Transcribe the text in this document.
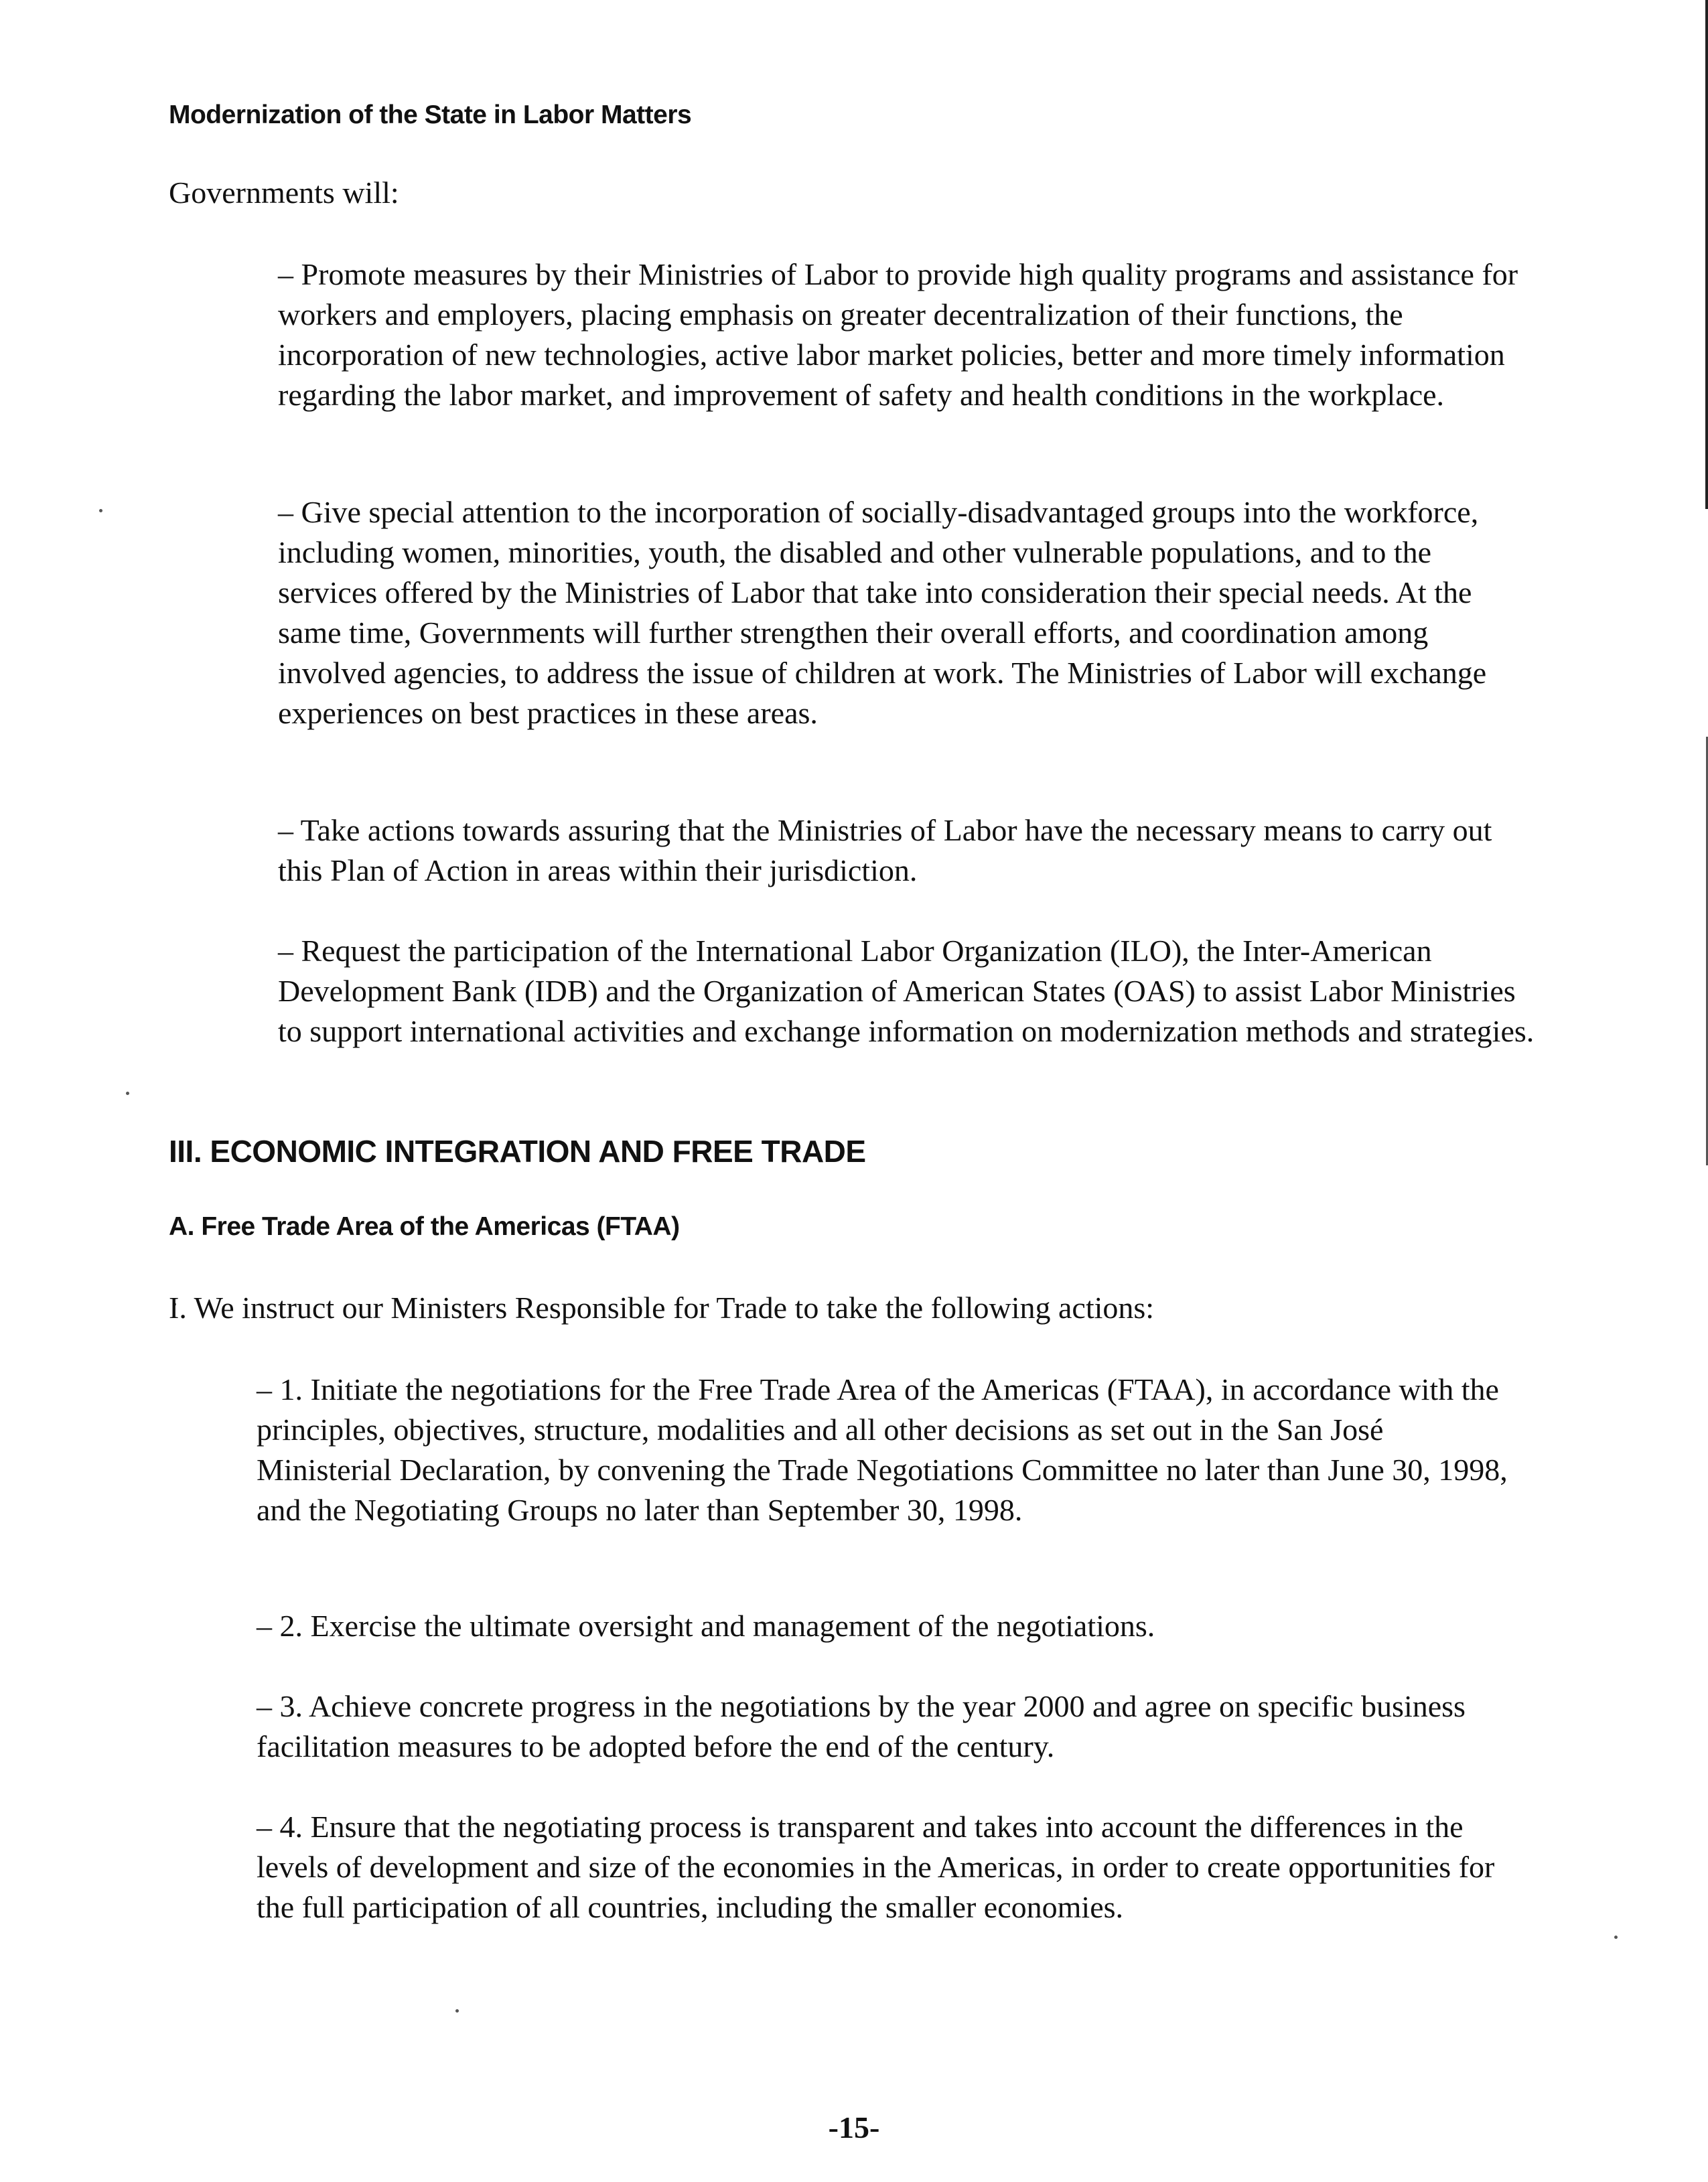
Modernization of the State in Labor Matters

Governments will:

– Promote measures by their Ministries of Labor to provide high quality programs and assistance for workers and employers, placing emphasis on greater decentralization of their functions, the incorporation of new technologies, active labor market policies, better and more timely information regarding the labor market, and improvement of safety and health conditions in the workplace.

– Give special attention to the incorporation of socially-disadvantaged groups into the workforce, including women, minorities, youth, the disabled and other vulnerable populations, and to the services offered by the Ministries of Labor that take into consideration their special needs. At the same time, Governments will further strengthen their overall efforts, and coordination among involved agencies, to address the issue of children at work. The Ministries of Labor will exchange experiences on best practices in these areas.

– Take actions towards assuring that the Ministries of Labor have the necessary means to carry out this Plan of Action in areas within their jurisdiction.

– Request the participation of the International Labor Organization (ILO), the Inter-American Development Bank (IDB) and the Organization of American States (OAS) to assist Labor Ministries to support international activities and exchange information on modernization methods and strategies.

III. ECONOMIC INTEGRATION AND FREE TRADE
A. Free Trade Area of the Americas (FTAA)

I. We instruct our Ministers Responsible for Trade to take the following actions:

– 1. Initiate the negotiations for the Free Trade Area of the Americas (FTAA), in accordance with the principles, objectives, structure, modalities and all other decisions as set out in the San José Ministerial Declaration, by convening the Trade Negotiations Committee no later than June 30, 1998, and the Negotiating Groups no later than September 30, 1998.

– 2. Exercise the ultimate oversight and management of the negotiations.

– 3. Achieve concrete progress in the negotiations by the year 2000 and agree on specific business facilitation measures to be adopted before the end of the century.

– 4. Ensure that the negotiating process is transparent and takes into account the differences in the levels of development and size of the economies in the Americas, in order to create opportunities for the full participation of all countries, including the smaller economies.

-15-
